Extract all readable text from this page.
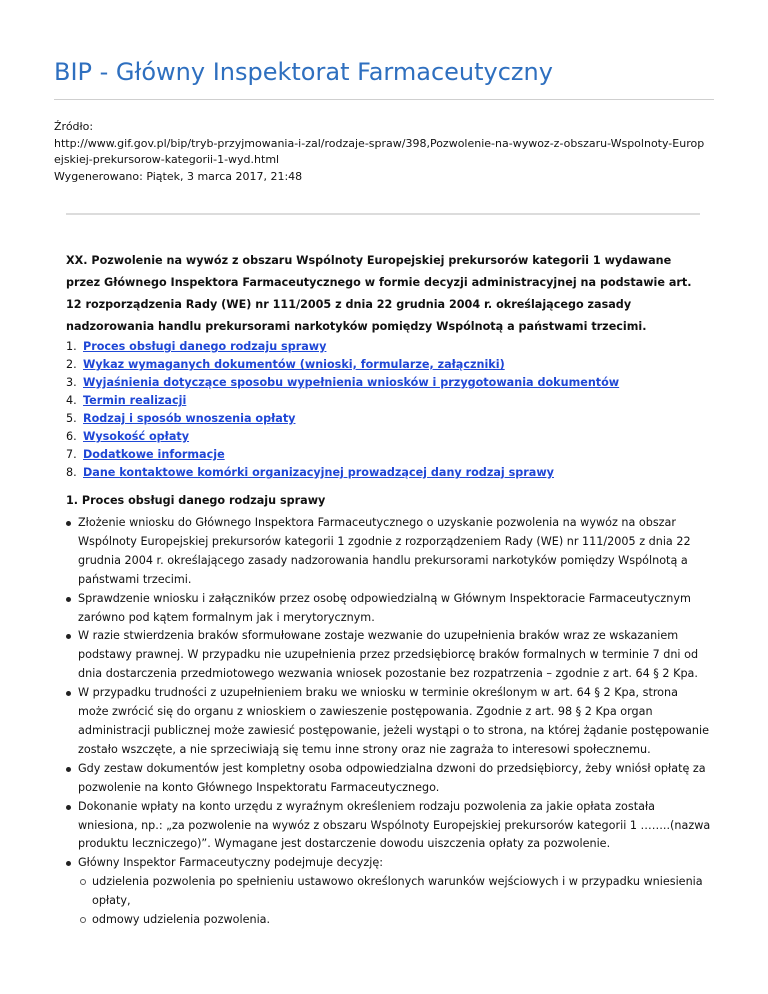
BIP - Główny Inspektorat Farmaceutyczny
Źródło:
http://www.gif.gov.pl/bip/tryb-przyjmowania-i-zal/rodzaje-spraw/398,Pozwolenie-na-wywoz-z-obszaru-Wspolnoty-Europ
ejskiej-prekursorow-kategorii-1-wyd.html
Wygenerowano: Piątek, 3 marca 2017, 21:48

XX. Pozwolenie na wywóz z obszaru Wspólnoty Europejskiej prekursorów kategorii 1 wydawane przez Głównego Inspektora Farmaceutycznego w formie decyzji administracyjnej na podstawie art. 12 rozporządzenia Rady (WE) nr 111/2005 z dnia 22 grudnia 2004 r. określającego zasady nadzorowania handlu prekursorami narkotyków pomiędzy Wspólnotą a państwami trzecimi.

1. Proces obsługi danego rodzaju sprawy
2. Wykaz wymaganych dokumentów (wnioski, formularze, załączniki)
3. Wyjaśnienia dotyczące sposobu wypełnienia wniosków i przygotowania dokumentów
4. Termin realizacji
5. Rodzaj i sposób wnoszenia opłaty
6. Wysokość opłaty
7. Dodatkowe informacje
8. Dane kontaktowe komórki organizacyjnej prowadzącej dany rodzaj sprawy
1. Proces obsługi danego rodzaju sprawy
Złożenie wniosku do Głównego Inspektora Farmaceutycznego o uzyskanie pozwolenia na wywóz na obszar Wspólnoty Europejskiej prekursorów kategorii 1 zgodnie z rozporządzeniem Rady (WE) nr 111/2005 z dnia 22 grudnia 2004 r. określającego zasady nadzorowania handlu prekursorami narkotyków pomiędzy Wspólnotą a państwami trzecimi.
Sprawdzenie wniosku i załączników przez osobę odpowiedzialną w Głównym Inspektoracie Farmaceutycznym zarówno pod kątem formalnym jak i merytorycznym.
W razie stwierdzenia braków sformułowane zostaje wezwanie do uzupełnienia braków wraz ze wskazaniem podstawy prawnej. W przypadku nie uzupełnienia przez przedsiębiorcę braków formalnych w terminie 7 dni od dnia dostarczenia przedmiotowego wezwania wniosek pozostanie bez rozpatrzenia – zgodnie z art. 64 § 2 Kpa.
W przypadku trudności z uzupełnieniem braku we wniosku w terminie określonym w art. 64 § 2 Kpa, strona może zwrócić się do organu z wnioskiem o zawieszenie postępowania. Zgodnie z art. 98 § 2 Kpa organ administracji publicznej może zawiesić postępowanie, jeżeli wystąpi o to strona, na której żądanie postępowanie zostało wszczęte, a nie sprzeciwiają się temu inne strony oraz nie zagraża to interesowi społecznemu.
Gdy zestaw dokumentów jest kompletny osoba odpowiedzialna dzwoni do przedsiębiorcy, żeby wniósł opłatę za pozwolenie na konto Głównego Inspektoratu Farmaceutycznego.
Dokonanie wpłaty na konto urzędu z wyraźnym określeniem rodzaju pozwolenia za jakie opłata została wniesiona, np.: „za pozwolenie na wywóz z obszaru Wspólnoty Europejskiej prekursorów kategorii 1 ……..(nazwa produktu leczniczego)”. Wymagane jest dostarczenie dowodu uiszczenia opłaty za pozwolenie.
Główny Inspektor Farmaceutyczny podejmuje decyzję:
udzielenia pozwolenia po spełnieniu ustawowo określonych warunków wejściowych i w przypadku wniesienia opłaty,
odmowy udzielenia pozwolenia.
